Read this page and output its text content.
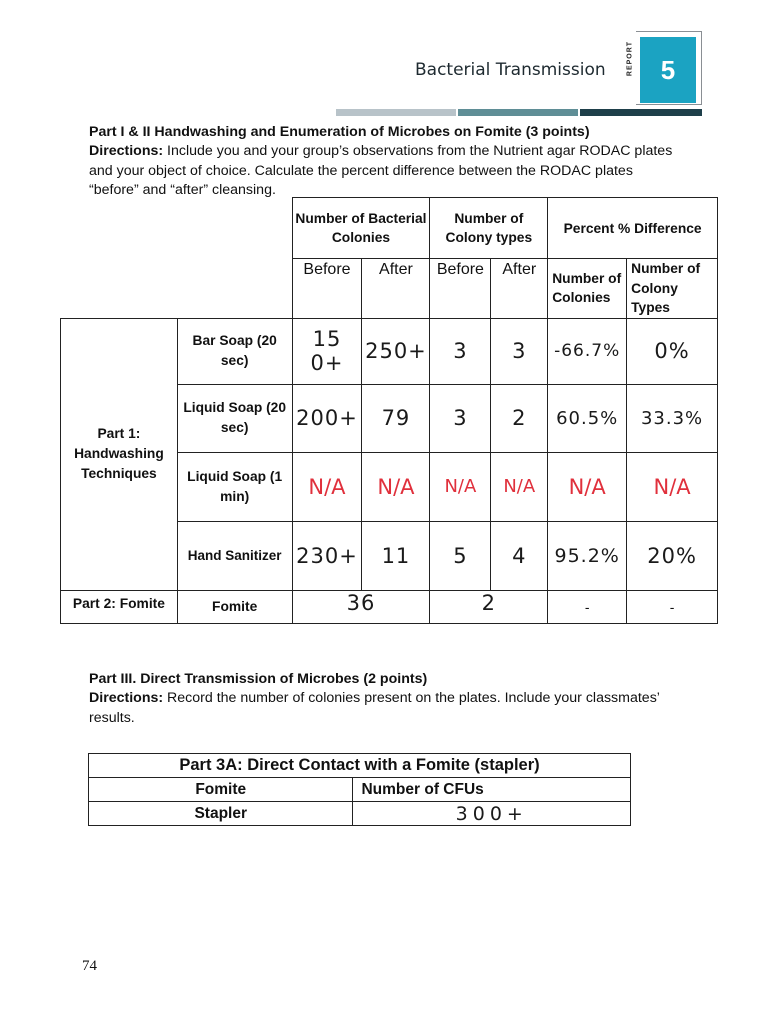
Bacterial Transmission	REPORT	5
Part I & II Handwashing and Enumeration of Microbes on Fomite (3 points)
Directions: Include you and your group’s observations from the Nutrient agar RODAC plates and your object of choice. Calculate the percent difference between the RODAC plates “before” and “after” cleansing.
		Number of Bacterial Colonies		Number of Colony types		Percent % Difference	
		Before	After	Before	After	Number of Colonies	Number of Colony Types
Part 1: Handwashing Techniques	Bar Soap (20 sec)	15 0+	250+	3	3	-66.7%	0%
	Liquid Soap (20 sec)	200+	79	3	2	60.5%	33.3%
	Liquid Soap (1 min)	N/A	N/A	N/A	N/A	N/A	N/A
	Hand Sanitizer	230+	11	5	4	95.2%	20%
Part 2: Fomite	Fomite	36		2		-	-
Part III. Direct Transmission of Microbes (2 points)
Directions: Record the number of colonies present on the plates. Include your classmates’ results.
Part 3A: Direct Contact with a Fomite (stapler)	
Fomite	Number of CFUs
Stapler	300+
74
